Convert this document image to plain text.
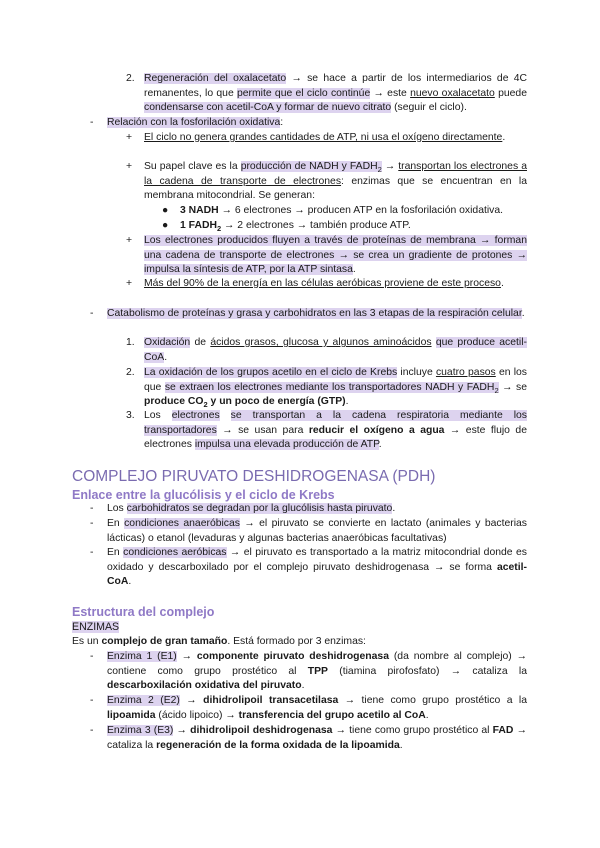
2. Regeneración del oxalacetato → se hace a partir de los intermediarios de 4C remanentes, lo que permite que el ciclo continúe → este nuevo oxalacetato puede condensarse con acetil-CoA y formar de nuevo citrato (seguir el ciclo).
-	Relación con la fosforilación oxidativa:
+	El ciclo no genera grandes cantidades de ATP, ni usa el oxígeno directamente.
+	Su papel clave es la producción de NADH y $FADH_2$ → transportan los electrones a la cadena de transporte de electrones: enzimas que se encuentran en la membrana mitocondrial. Se generan:
●	3 NADH → 6 electrones → producen ATP en la fosforilación oxidativa.
●	1 $FADH_2 \to 2$ electrones → también produce ATP.
+	Los electrones producidos fluyen a través de proteínas de membrana → forman una cadena de transporte de electrones → se crea un gradiente de protones → impulsa la síntesis de ATP, por la ATP sintasa.
+	Más del 90% de la energía en las células aeróbicas proviene de este proceso.
-	Catabolismo de proteínas y grasa y carbohidratos en las 3 etapas de la respiración celular.
1. Oxidación de ácidos grasos, glucosa y algunos aminoácidos que produce acetil-CoA.
2. La oxidación de los grupos acetilo en el ciclo de Krebs incluye cuatro pasos en los que se extraen los electrones mediante los transportadores NADH y $FADH_2$ → se produce $CO_2$ y un poco de energía (GTP).
3. Los electrones se transportan a la cadena respiratoria mediante los transportadores → se usan para reducir el oxígeno a agua → este flujo de electrones impulsa una elevada producción de ATP.
COMPLEJO PIRUVATO DESHIDROGENASA (PDH)
Enlace entre la glucólisis y el ciclo de Krebs
-	Los carbohidratos se degradan por la glucólisis hasta piruvato.
-	En condiciones anaeróbicas → el piruvato se convierte en lactato (animales y bacterias lácticas) o etanol (levaduras y algunas bacterias anaeróbicas facultativas)
-	En condiciones aeróbicas → el piruvato es transportado a la matriz mitocondrial donde es oxidado y descarboxilado por el complejo piruvato deshidrogenasa → se forma acetil-CoA.
Estructura del complejo
ENZIMAS
Es un complejo de gran tamaño. Está formado por 3 enzimas:
-	Enzima 1 (E1) → componente piruvato deshidrogenasa (da nombre al complejo) → contiene como grupo prostético al TPP (tiamina pirofosfato) → cataliza la descarboxilación oxidativa del piruvato.
-	Enzima 2 (E2) → dihidrolipoil transacetilasa → tiene como grupo prostético a la lipoamida (ácido lipoico) → transferencia del grupo acetilo al CoA.
-	Enzima 3 (E3) → dihidrolipoil deshidrogenasa → tiene como grupo prostético al FAD → cataliza la regeneración de la forma oxidada de la lipoamida.
